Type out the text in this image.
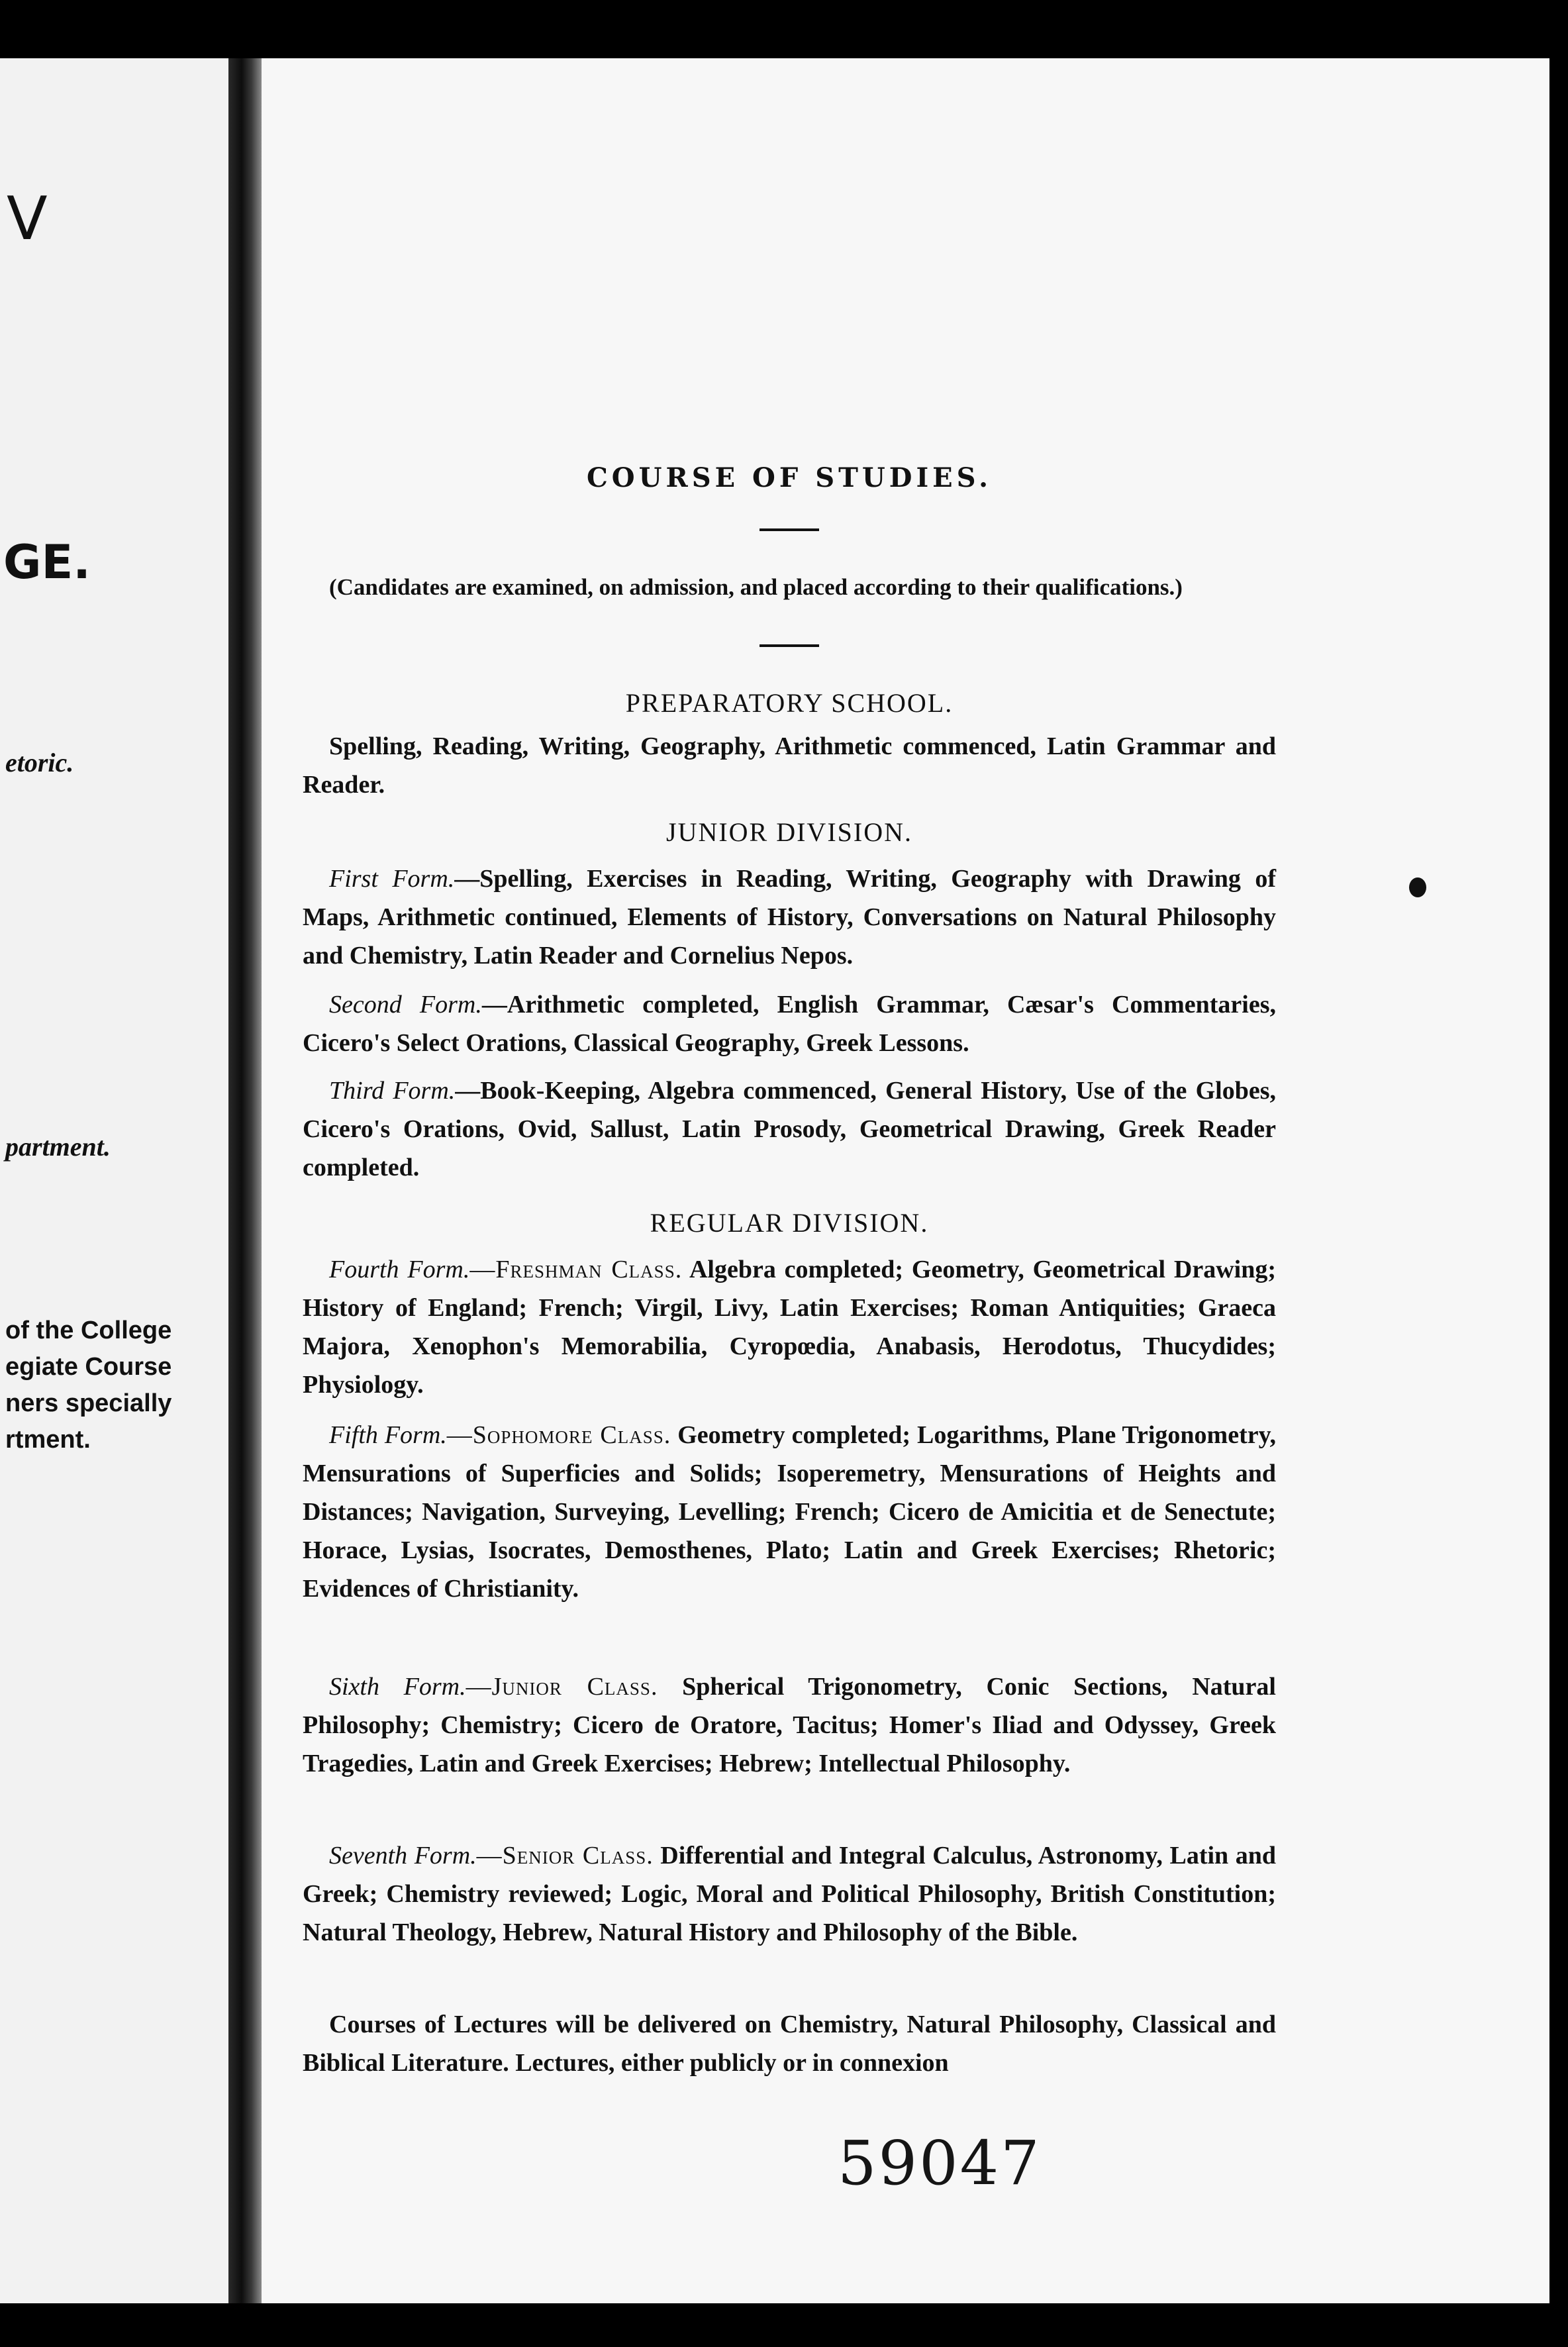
V
GE.
etoric.
partment.
of the College
egiate Course
ners specially
rtment.
COURSE OF STUDIES.
(Candidates are examined, on admission, and placed according to their qualifications.)
PREPARATORY SCHOOL.
Spelling, Reading, Writing, Geography, Arithmetic commenced, Latin Grammar and Reader.
JUNIOR DIVISION.
First Form.—Spelling, Exercises in Reading, Writing, Geography with Drawing of Maps, Arithmetic continued, Elements of History, Conversations on Natural Philosophy and Chemistry, Latin Reader and Cornelius Nepos.
Second Form.—Arithmetic completed, English Grammar, Cæsar's Commentaries, Cicero's Select Orations, Classical Geography, Greek Lessons.
Third Form.—Book-Keeping, Algebra commenced, General History, Use of the Globes, Cicero's Orations, Ovid, Sallust, Latin Prosody, Geometrical Drawing, Greek Reader completed.
REGULAR DIVISION.
Fourth Form.—Freshman Class. Algebra completed; Geometry, Geometrical Drawing; History of England; French; Virgil, Livy, Latin Exercises; Roman Antiquities; Graeca Majora, Xenophon's Memorabilia, Cyropœdia, Anabasis, Herodotus, Thucydides; Physiology.
Fifth Form.—Sophomore Class. Geometry completed; Logarithms, Plane Trigonometry, Mensurations of Superficies and Solids; Isoperemetry, Mensurations of Heights and Distances; Navigation, Surveying, Levelling; French; Cicero de Amicitia et de Senectute; Horace, Lysias, Isocrates, Demosthenes, Plato; Latin and Greek Exercises; Rhetoric; Evidences of Christianity.
Sixth Form.—Junior Class. Spherical Trigonometry, Conic Sections, Natural Philosophy; Chemistry; Cicero de Oratore, Tacitus; Homer's Iliad and Odyssey, Greek Tragedies, Latin and Greek Exercises; Hebrew; Intellectual Philosophy.
Seventh Form.—Senior Class. Differential and Integral Calculus, Astronomy, Latin and Greek; Chemistry reviewed; Logic, Moral and Political Philosophy, British Constitution; Natural Theology, Hebrew, Natural History and Philosophy of the Bible.
Courses of Lectures will be delivered on Chemistry, Natural Philosophy, Classical and Biblical Literature. Lectures, either publicly or in connexion
59047
